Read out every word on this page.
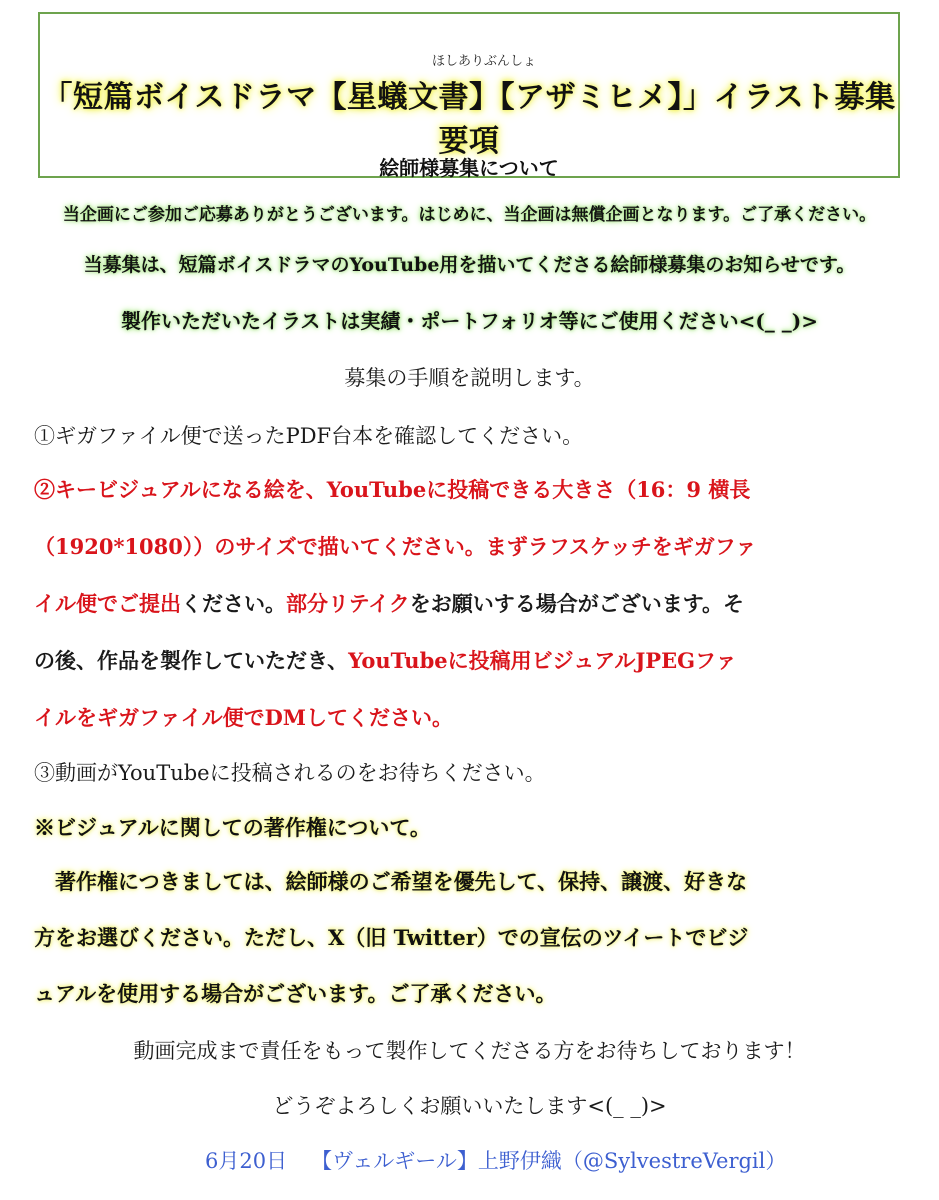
ほしありぶんしょ
「短篇ボイスドラマ【星蟻文書】【アザミヒメ】」イラスト募集要項
絵師様募集について
当企画にご参加ご応募ありがとうございます。はじめに、当企画は無償企画となります。ご了承ください。
当募集は、短篇ボイスドラマのYouTube用を描いてくださる絵師様募集のお知らせです。
製作いただいたイラストは実績・ポートフォリオ等にご使用ください<(_ _)>
募集の手順を説明します。
①ギガファイル便で送ったPDF台本を確認してください。
②キービジュアルになる絵を、YouTubeに投稿できる大きさ（16：9 横長
（1920*1080））のサイズで描いてください。まずラフスケッチをギガファ
イル便でご提出ください。部分リテイクをお願いする場合がございます。そ
の後、作品を製作していただき、YouTubeに投稿用ビジュアルJPEGファ
イルをギガファイル便でDMしてください。
③動画がYouTubeに投稿されるのをお待ちください。
※ビジュアルに関しての著作権について。
　著作権につきましては、絵師様のご希望を優先して、保持、譲渡、好きな
方をお選びください。ただし、X（旧 Twitter）での宣伝のツイートでビジ
ュアルを使用する場合がございます。ご了承ください。
動画完成まで責任をもって製作してくださる方をお待ちしております！
どうぞよろしくお願いいたします<(_ _)>
6月20日 【ヴェルギール】上野伊織（@SylvestreVergil）
